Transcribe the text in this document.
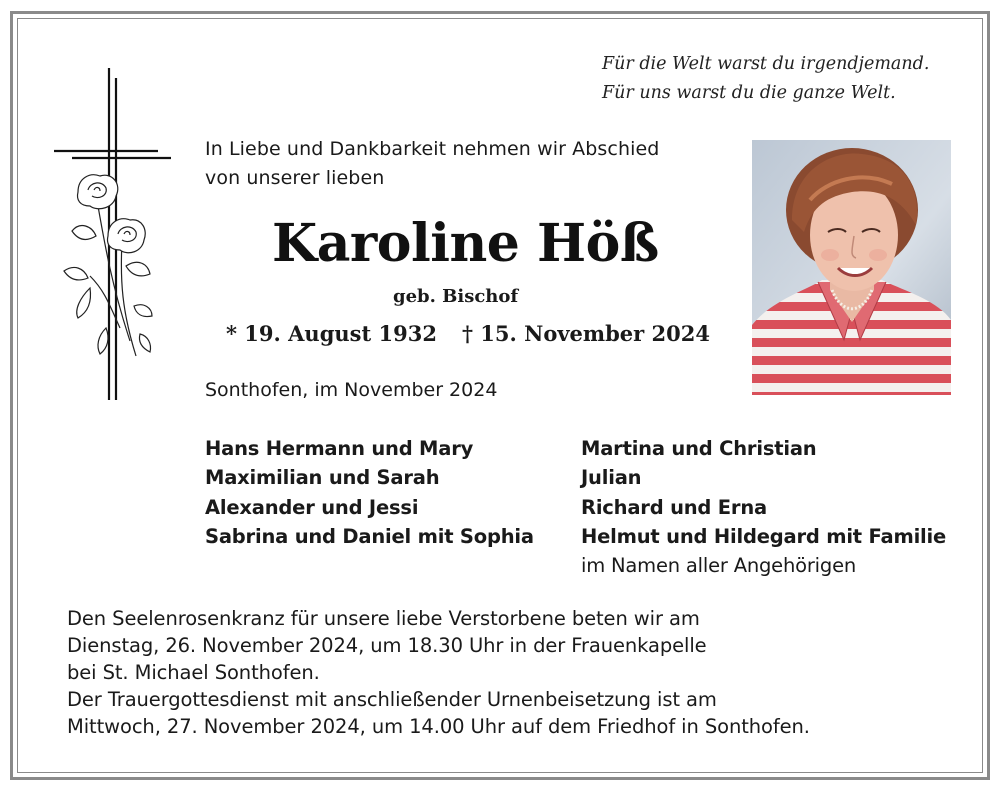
Für die Welt warst du irgendjemand.
Für uns warst du die ganze Welt.
In Liebe und Dankbarkeit nehmen wir Abschied
von unserer lieben
Karoline Höß
geb. Bischof
* 19. August 1932 † 15. November 2024
Sonthofen, im November 2024
Hans Hermann und Mary
Maximilian und Sarah
Alexander und Jessi
Sabrina und Daniel mit Sophia
Martina und Christian
Julian
Richard und Erna
Helmut und Hildegard mit Familie
im Namen aller Angehörigen
Den Seelenrosenkranz für unsere liebe Verstorbene beten wir am
Dienstag, 26. November 2024, um 18.30 Uhr in der Frauenkapelle
bei St. Michael Sonthofen.
Der Trauergottesdienst mit anschließender Urnenbeisetzung ist am
Mittwoch, 27. November 2024, um 14.00 Uhr auf dem Friedhof in Sonthofen.
